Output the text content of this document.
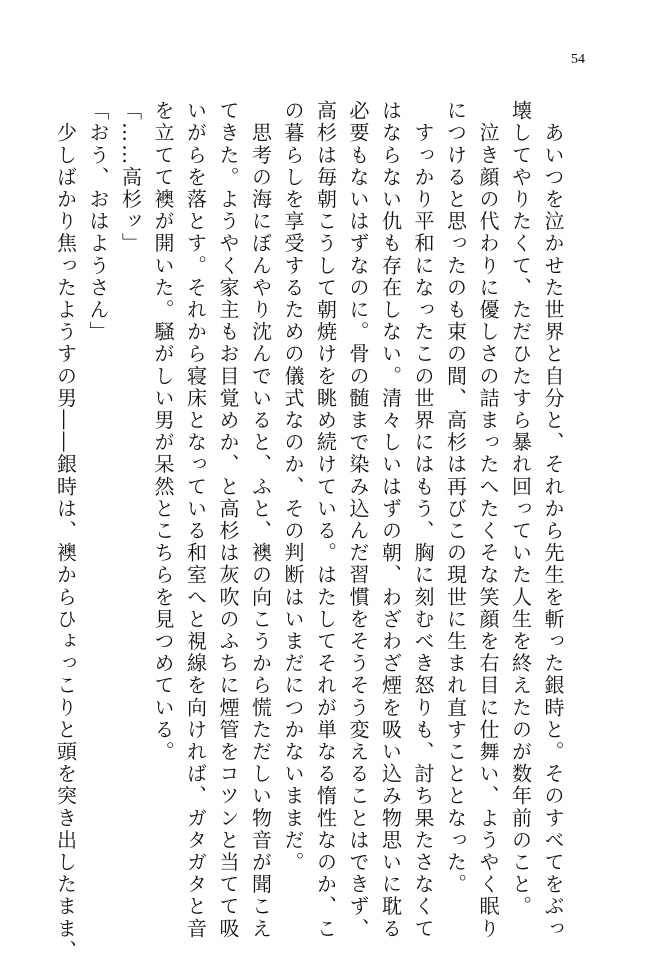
54
　あいつを泣かせた世界と自分と、それから先生を斬った銀時と。そのすべてをぶっ
壊してやりたくて、ただひたすら暴れ回っていた人生を終えたのが数年前のこと。
　泣き顔の代わりに優しさの詰まったへたくそな笑顔を右目に仕舞い、ようやく眠り
につけると思ったのも束の間、高杉は再びこの現世に生まれ直すこととなった。
　すっかり平和になったこの世界にはもう、胸に刻むべき怒りも、討ち果たさなくて
はならない仇も存在しない。清々しいはずの朝、わざわざ煙を吸い込み物思いに耽る
必要もないはずなのに。骨の髄まで染み込んだ習慣をそうそう変えることはできず、
高杉は毎朝こうして朝焼けを眺め続けている。はたしてそれが単なる惰性なのか、こ
の暮らしを享受するための儀式なのか、その判断はいまだにつかないままだ。
　思考の海にぼんやり沈んでいると、ふと、襖の向こうから慌ただしい物音が聞こえ
てきた。ようやく家主もお目覚めか、と高杉は灰吹のふちに煙管をコツンと当てて吸
いがらを落とす。それから寝床となっている和室へと視線を向ければ、ガタガタと音
を立てて襖が開いた。騒がしい男が呆然とこちらを見つめている。
「……高杉ッ」
「おう、おはようさん」
　少しばかり焦ったようすの男――銀時は、襖からひょっこりと頭を突き出したまま、
